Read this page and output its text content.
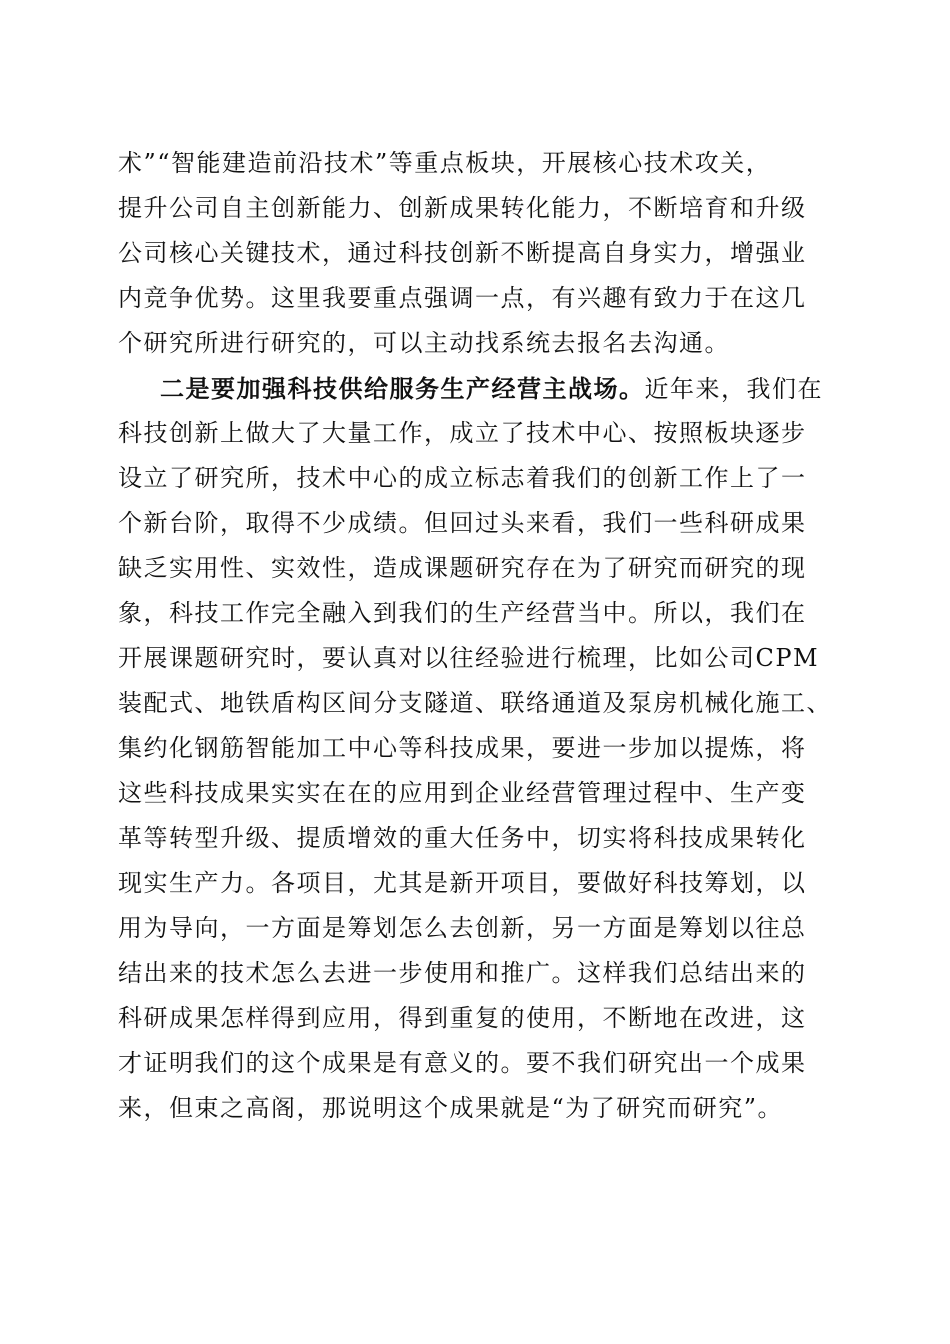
术”“智能建造前沿技术”等重点板块，开展核心技术攻关，
提升公司自主创新能力、创新成果转化能力，不断培育和升级
公司核心关键技术，通过科技创新不断提高自身实力，增强业
内竞争优势。这里我要重点强调一点，有兴趣有致力于在这几
个研究所进行研究的，可以主动找系统去报名去沟通。
二是要加强科技供给服务生产经营主战场。近年来，我们在
科技创新上做大了大量工作，成立了技术中心、按照板块逐步
设立了研究所，技术中心的成立标志着我们的创新工作上了一
个新台阶，取得不少成绩。但回过头来看，我们一些科研成果
缺乏实用性、实效性，造成课题研究存在为了研究而研究的现
象，科技工作完全融入到我们的生产经营当中。所以，我们在
开展课题研究时，要认真对以往经验进行梳理，比如公司CPM
装配式、地铁盾构区间分支隧道、联络通道及泵房机械化施工、
集约化钢筋智能加工中心等科技成果，要进一步加以提炼，将
这些科技成果实实在在的应用到企业经营管理过程中、生产变
革等转型升级、提质增效的重大任务中，切实将科技成果转化
现实生产力。各项目，尤其是新开项目，要做好科技筹划，以
用为导向，一方面是筹划怎么去创新，另一方面是筹划以往总
结出来的技术怎么去进一步使用和推广。这样我们总结出来的
科研成果怎样得到应用，得到重复的使用，不断地在改进，这
才证明我们的这个成果是有意义的。要不我们研究出一个成果
来，但束之高阁，那说明这个成果就是“为了研究而研究”。
